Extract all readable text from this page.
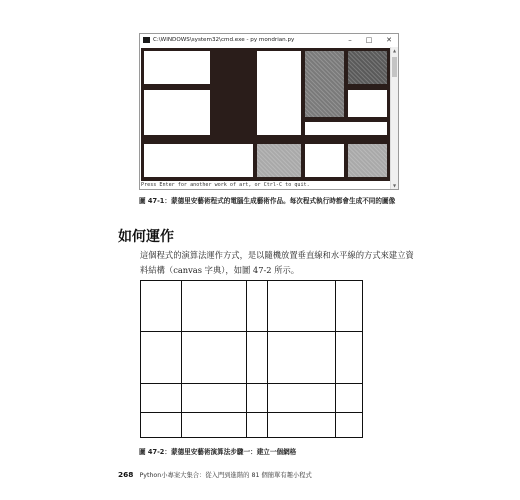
C:\WINDOWS\system32\cmd.exe - py mondrian.py	–	□	✕
Press Enter for another work of art, or Ctrl-C to quit.
▲
▼
圖 47-1：蒙德里安藝術程式的電腦生成藝術作品。每次程式執行時都會生成不同的圖像
如何運作
這個程式的演算法運作方式，是以隨機放置垂直線和水平線的方式來建立資
料結構（canvas 字典），如圖 47-2 所示。
圖 47-2：蒙德里安藝術演算法步驟一：建立一個網格
268 Python小專案大集合：從入門到進階的 81 個簡單有趣小程式
